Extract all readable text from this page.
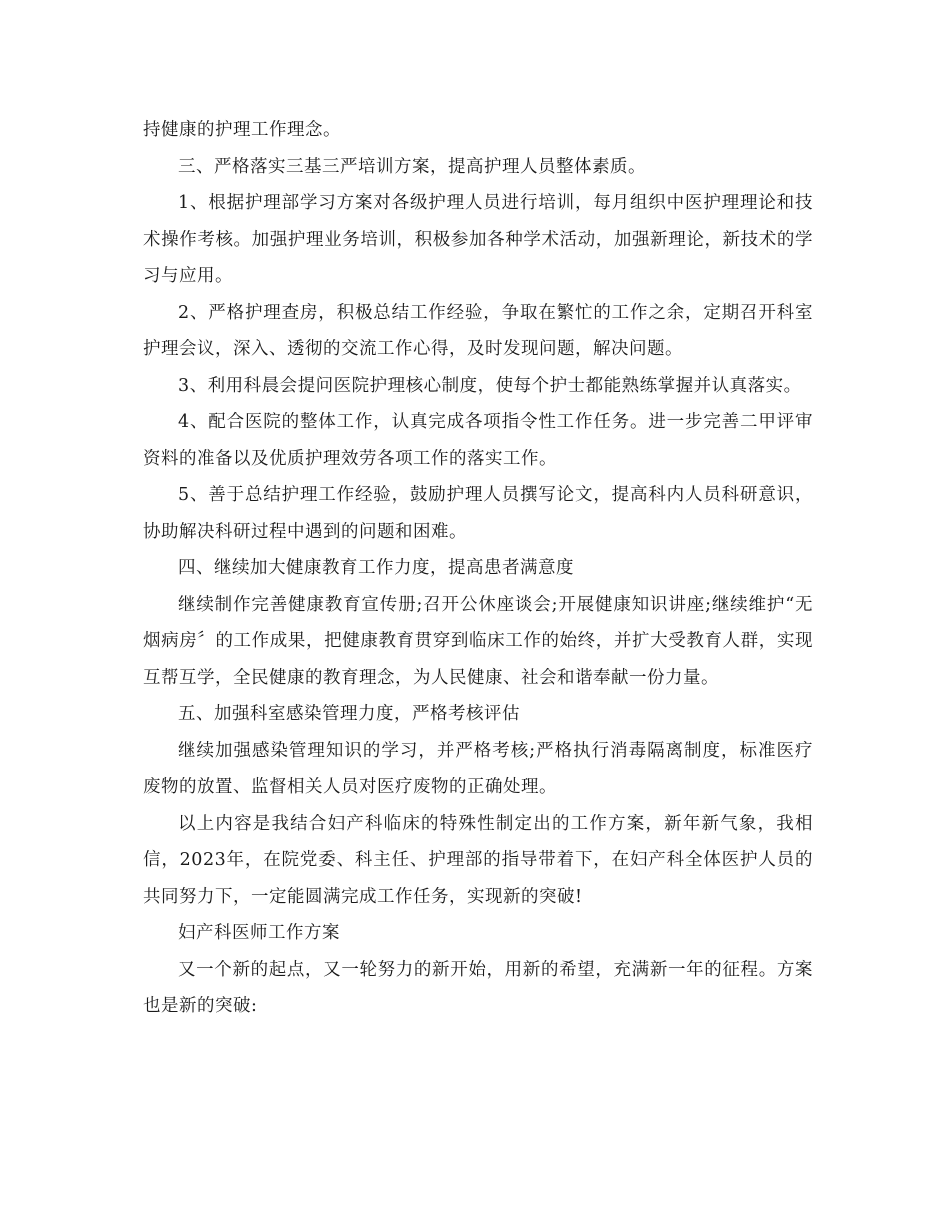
持健康的护理工作理念。

三、严格落实三基三严培训方案，提高护理人员整体素质。

1、根据护理部学习方案对各级护理人员进行培训，每月组织中医护理理论和技术操作考核。加强护理业务培训，积极参加各种学术活动，加强新理论，新技术的学习与应用。

2、严格护理查房，积极总结工作经验，争取在繁忙的工作之余，定期召开科室护理会议，深入、透彻的交流工作心得，及时发现问题，解决问题。

3、利用科晨会提问医院护理核心制度，使每个护士都能熟练掌握并认真落实。

4、配合医院的整体工作，认真完成各项指令性工作任务。进一步完善二甲评审资料的准备以及优质护理效劳各项工作的落实工作。

5、善于总结护理工作经验，鼓励护理人员撰写论文，提高科内人员科研意识，协助解决科研过程中遇到的问题和困难。

四、继续加大健康教育工作力度，提高患者满意度

继续制作完善健康教育宣传册;召开公休座谈会;开展健康知识讲座;继续维护“无烟病房〞的工作成果，把健康教育贯穿到临床工作的始终，并扩大受教育人群，实现互帮互学，全民健康的教育理念，为人民健康、社会和谐奉献一份力量。

五、加强科室感染管理力度，严格考核评估

继续加强感染管理知识的学习，并严格考核;严格执行消毒隔离制度，标准医疗废物的放置、监督相关人员对医疗废物的正确处理。

以上内容是我结合妇产科临床的特殊性制定出的工作方案，新年新气象，我相信，2023年，在院党委、科主任、护理部的指导带着下，在妇产科全体医护人员的共同努力下，一定能圆满完成工作任务，实现新的突破!

妇产科医师工作方案

又一个新的起点，又一轮努力的新开始，用新的希望，充满新一年的征程。方案也是新的突破:
